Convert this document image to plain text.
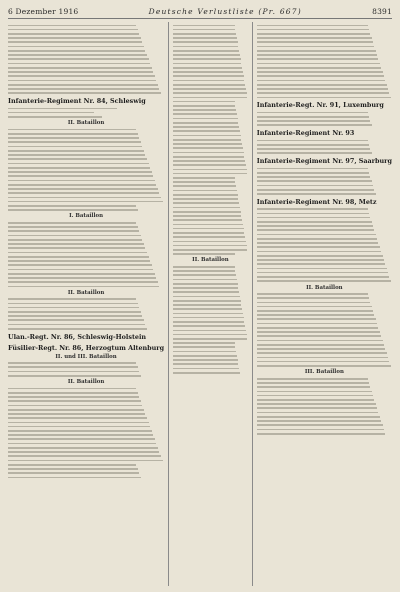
6 Dezember 1916	Deutsche Verlustliste (Pr. 667)	8391
Infanterie-Regiment Nr. 84, Schleswig
II. Bataillon
I. Bataillon
II. Bataillon
Ulan.-Regt. Nr. 86, Schleswig-Holstein
Füsilier-Regt. Nr. 86, Herzogtum Altenburg
II. und III. Bataillon
II. Bataillon
II. Bataillon
Infanterie-Regt. Nr. 91, Luxemburg
Infanterie-Regiment Nr. 93
Infanterie-Regiment Nr. 97, Saarburg
Infanterie-Regiment Nr. 98, Metz
II. Bataillon
III. Bataillon
